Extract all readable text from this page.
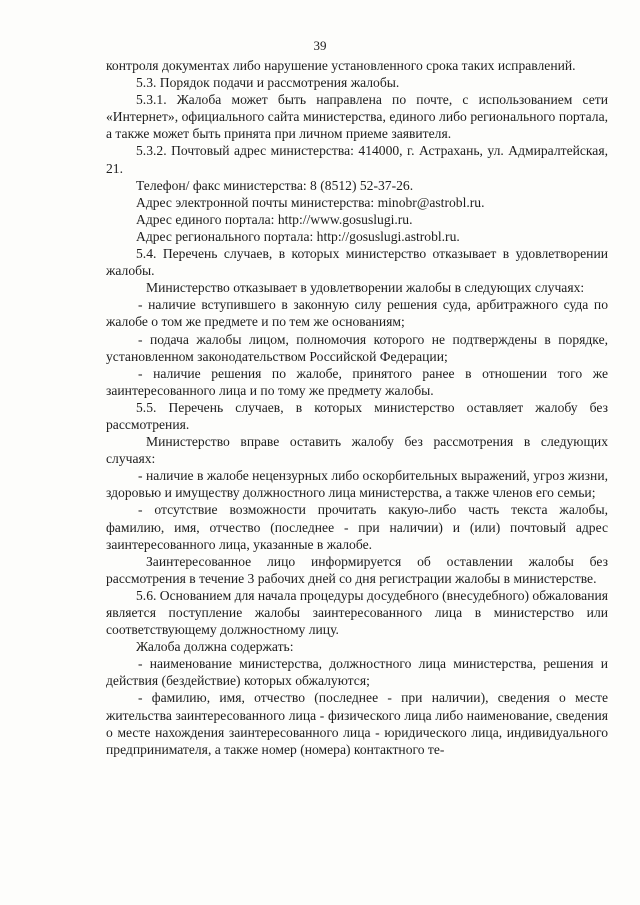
39

контроля документах либо нарушение установленного срока таких исправлений.

5.3. Порядок подачи и рассмотрения жалобы.

5.3.1. Жалоба может быть направлена по почте, с использованием сети «Интернет», официального сайта министерства, единого либо регионального портала, а также может быть принята при личном приеме заявителя.

5.3.2. Почтовый адрес министерства: 414000, г. Астрахань, ул. Адмиралтейская, 21.

Телефон/ факс министерства: 8 (8512) 52-37-26.

Адрес электронной почты министерства: minobr@astrobl.ru.

Адрес единого портала: http://www.gosuslugi.ru.

Адрес регионального портала: http://gosuslugi.astrobl.ru.

5.4. Перечень случаев, в которых министерство отказывает в удовлетворении жалобы.

Министерство отказывает в удовлетворении жалобы в следующих случаях:

- наличие вступившего в законную силу решения суда, арбитражного суда по жалобе о том же предмете и по тем же основаниям;

- подача жалобы лицом, полномочия которого не подтверждены в порядке, установленном законодательством Российской Федерации;

- наличие решения по жалобе, принятого ранее в отношении того же заинтересованного лица и по тому же предмету жалобы.

5.5. Перечень случаев, в которых министерство оставляет жалобу без рассмотрения.

Министерство вправе оставить жалобу без рассмотрения в следующих случаях:

- наличие в жалобе нецензурных либо оскорбительных выражений, угроз жизни, здоровью и имуществу должностного лица министерства, а также членов его семьи;

- отсутствие возможности прочитать какую-либо часть текста жалобы, фамилию, имя, отчество (последнее - при наличии) и (или) почтовый адрес заинтересованного лица, указанные в жалобе.

Заинтересованное лицо информируется об оставлении жалобы без рассмотрения в течение 3 рабочих дней со дня регистрации жалобы в министерстве.

5.6. Основанием для начала процедуры досудебного (внесудебного) обжалования является поступление жалобы заинтересованного лица в министерство или соответствующему должностному лицу.

Жалоба должна содержать:

- наименование министерства, должностного лица министерства, решения и действия (бездействие) которых обжалуются;

- фамилию, имя, отчество (последнее - при наличии), сведения о месте жительства заинтересованного лица - физического лица либо наименование, сведения о месте нахождения заинтересованного лица - юридического лица, индивидуального предпринимателя, а также номер (номера) контактного те-
